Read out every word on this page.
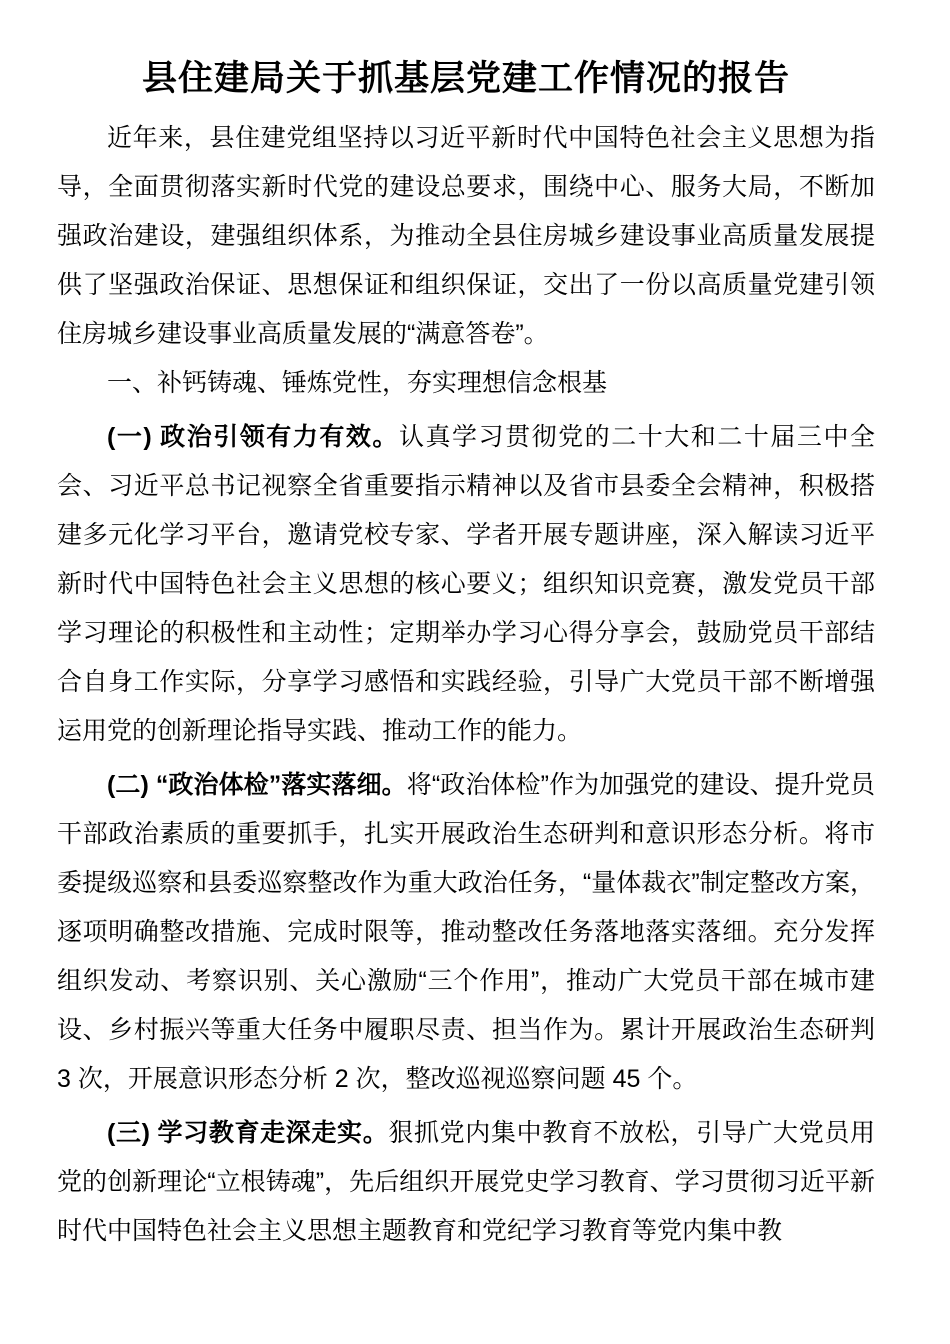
县住建局关于抓基层党建工作情况的报告

近年来，县住建党组坚持以习近平新时代中国特色社会主义思想为指导，全面贯彻落实新时代党的建设总要求，围绕中心、服务大局，不断加强政治建设，建强组织体系，为推动全县住房城乡建设事业高质量发展提供了坚强政治保证、思想保证和组织保证，交出了一份以高质量党建引领住房城乡建设事业高质量发展的“满意答卷”。

一、补钙铸魂、锤炼党性，夯实理想信念根基

(一) 政治引领有力有效。认真学习贯彻党的二十大和二十届三中全会、习近平总书记视察全省重要指示精神以及省市县委全会精神，积极搭建多元化学习平台，邀请党校专家、学者开展专题讲座，深入解读习近平新时代中国特色社会主义思想的核心要义；组织知识竞赛，激发党员干部学习理论的积极性和主动性；定期举办学习心得分享会，鼓励党员干部结合自身工作实际，分享学习感悟和实践经验，引导广大党员干部不断增强运用党的创新理论指导实践、推动工作的能力。

(二) “政治体检”落实落细。将“政治体检”作为加强党的建设、提升党员干部政治素质的重要抓手，扎实开展政治生态研判和意识形态分析。将市委提级巡察和县委巡察整改作为重大政治任务，“量体裁衣”制定整改方案，逐项明确整改措施、完成时限等，推动整改任务落地落实落细。充分发挥组织发动、考察识别、关心激励“三个作用”，推动广大党员干部在城市建设、乡村振兴等重大任务中履职尽责、担当作为。累计开展政治生态研判 3 次，开展意识形态分析 2 次，整改巡视巡察问题 45 个。

(三) 学习教育走深走实。狠抓党内集中教育不放松，引导广大党员用党的创新理论“立根铸魂”，先后组织开展党史学习教育、学习贯彻习近平新时代中国特色社会主义思想主题教育和党纪学习教育等党内集中教
